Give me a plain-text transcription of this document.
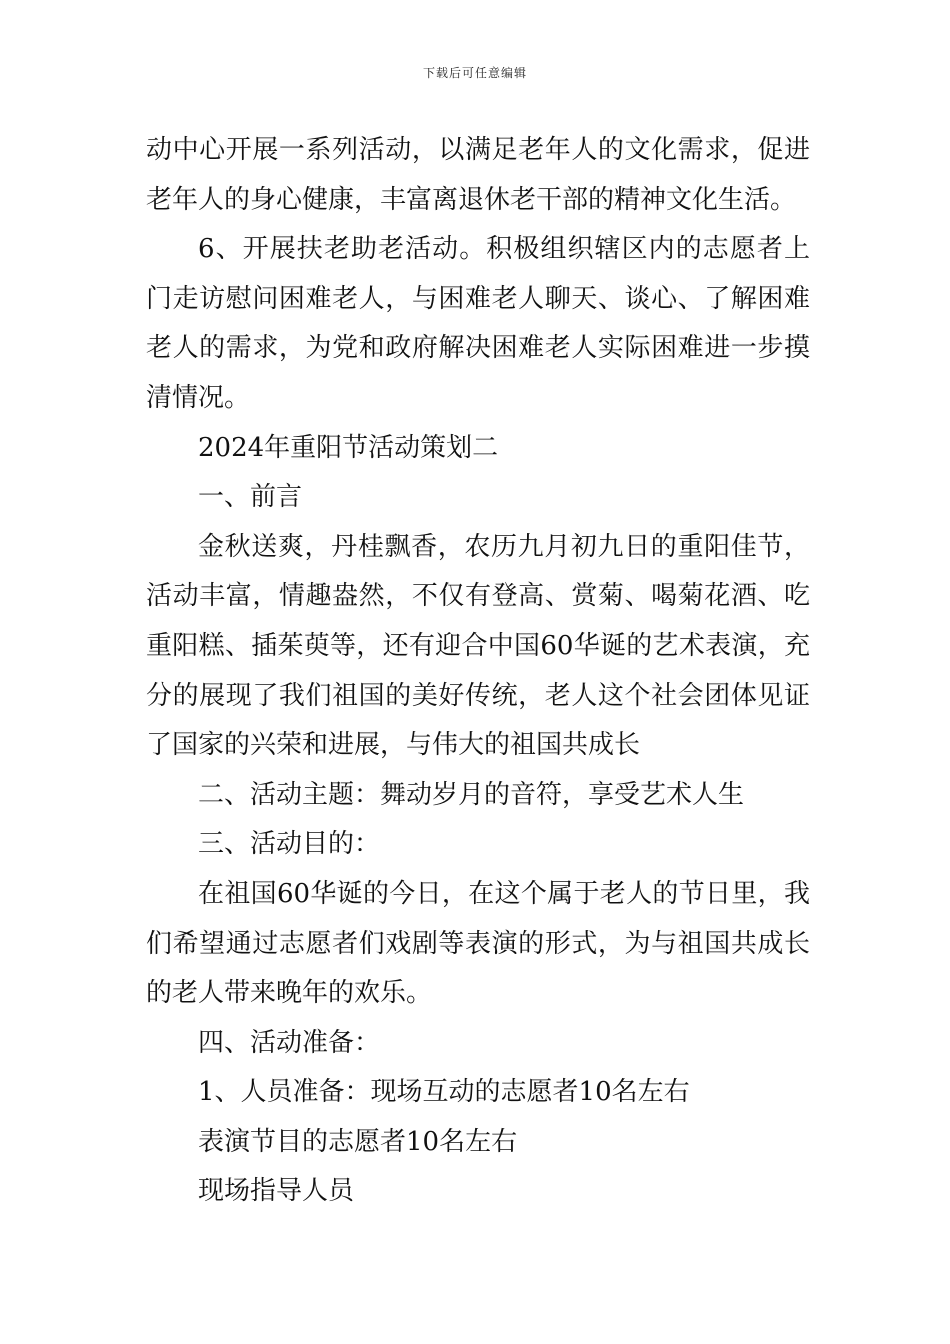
下载后可任意编辑

动中心开展一系列活动，以满足老年人的文化需求，促进老年人的身心健康，丰富离退休老干部的精神文化生活。

6、开展扶老助老活动。积极组织辖区内的志愿者上门走访慰问困难老人，与困难老人聊天、谈心、了解困难老人的需求，为党和政府解决困难老人实际困难进一步摸清情况。

2024年重阳节活动策划二

一、前言

金秋送爽，丹桂飘香，农历九月初九日的重阳佳节，活动丰富，情趣盎然，不仅有登高、赏菊、喝菊花酒、吃重阳糕、插茱萸等，还有迎合中国60华诞的艺术表演，充分的展现了我们祖国的美好传统，老人这个社会团体见证了国家的兴荣和进展，与伟大的祖国共成长

二、活动主题：舞动岁月的音符，享受艺术人生

三、活动目的：

在祖国60华诞的今日，在这个属于老人的节日里，我们希望通过志愿者们戏剧等表演的形式，为与祖国共成长的老人带来晚年的欢乐。

四、活动准备：

1、人员准备：现场互动的志愿者10名左右

表演节目的志愿者10名左右

现场指导人员
